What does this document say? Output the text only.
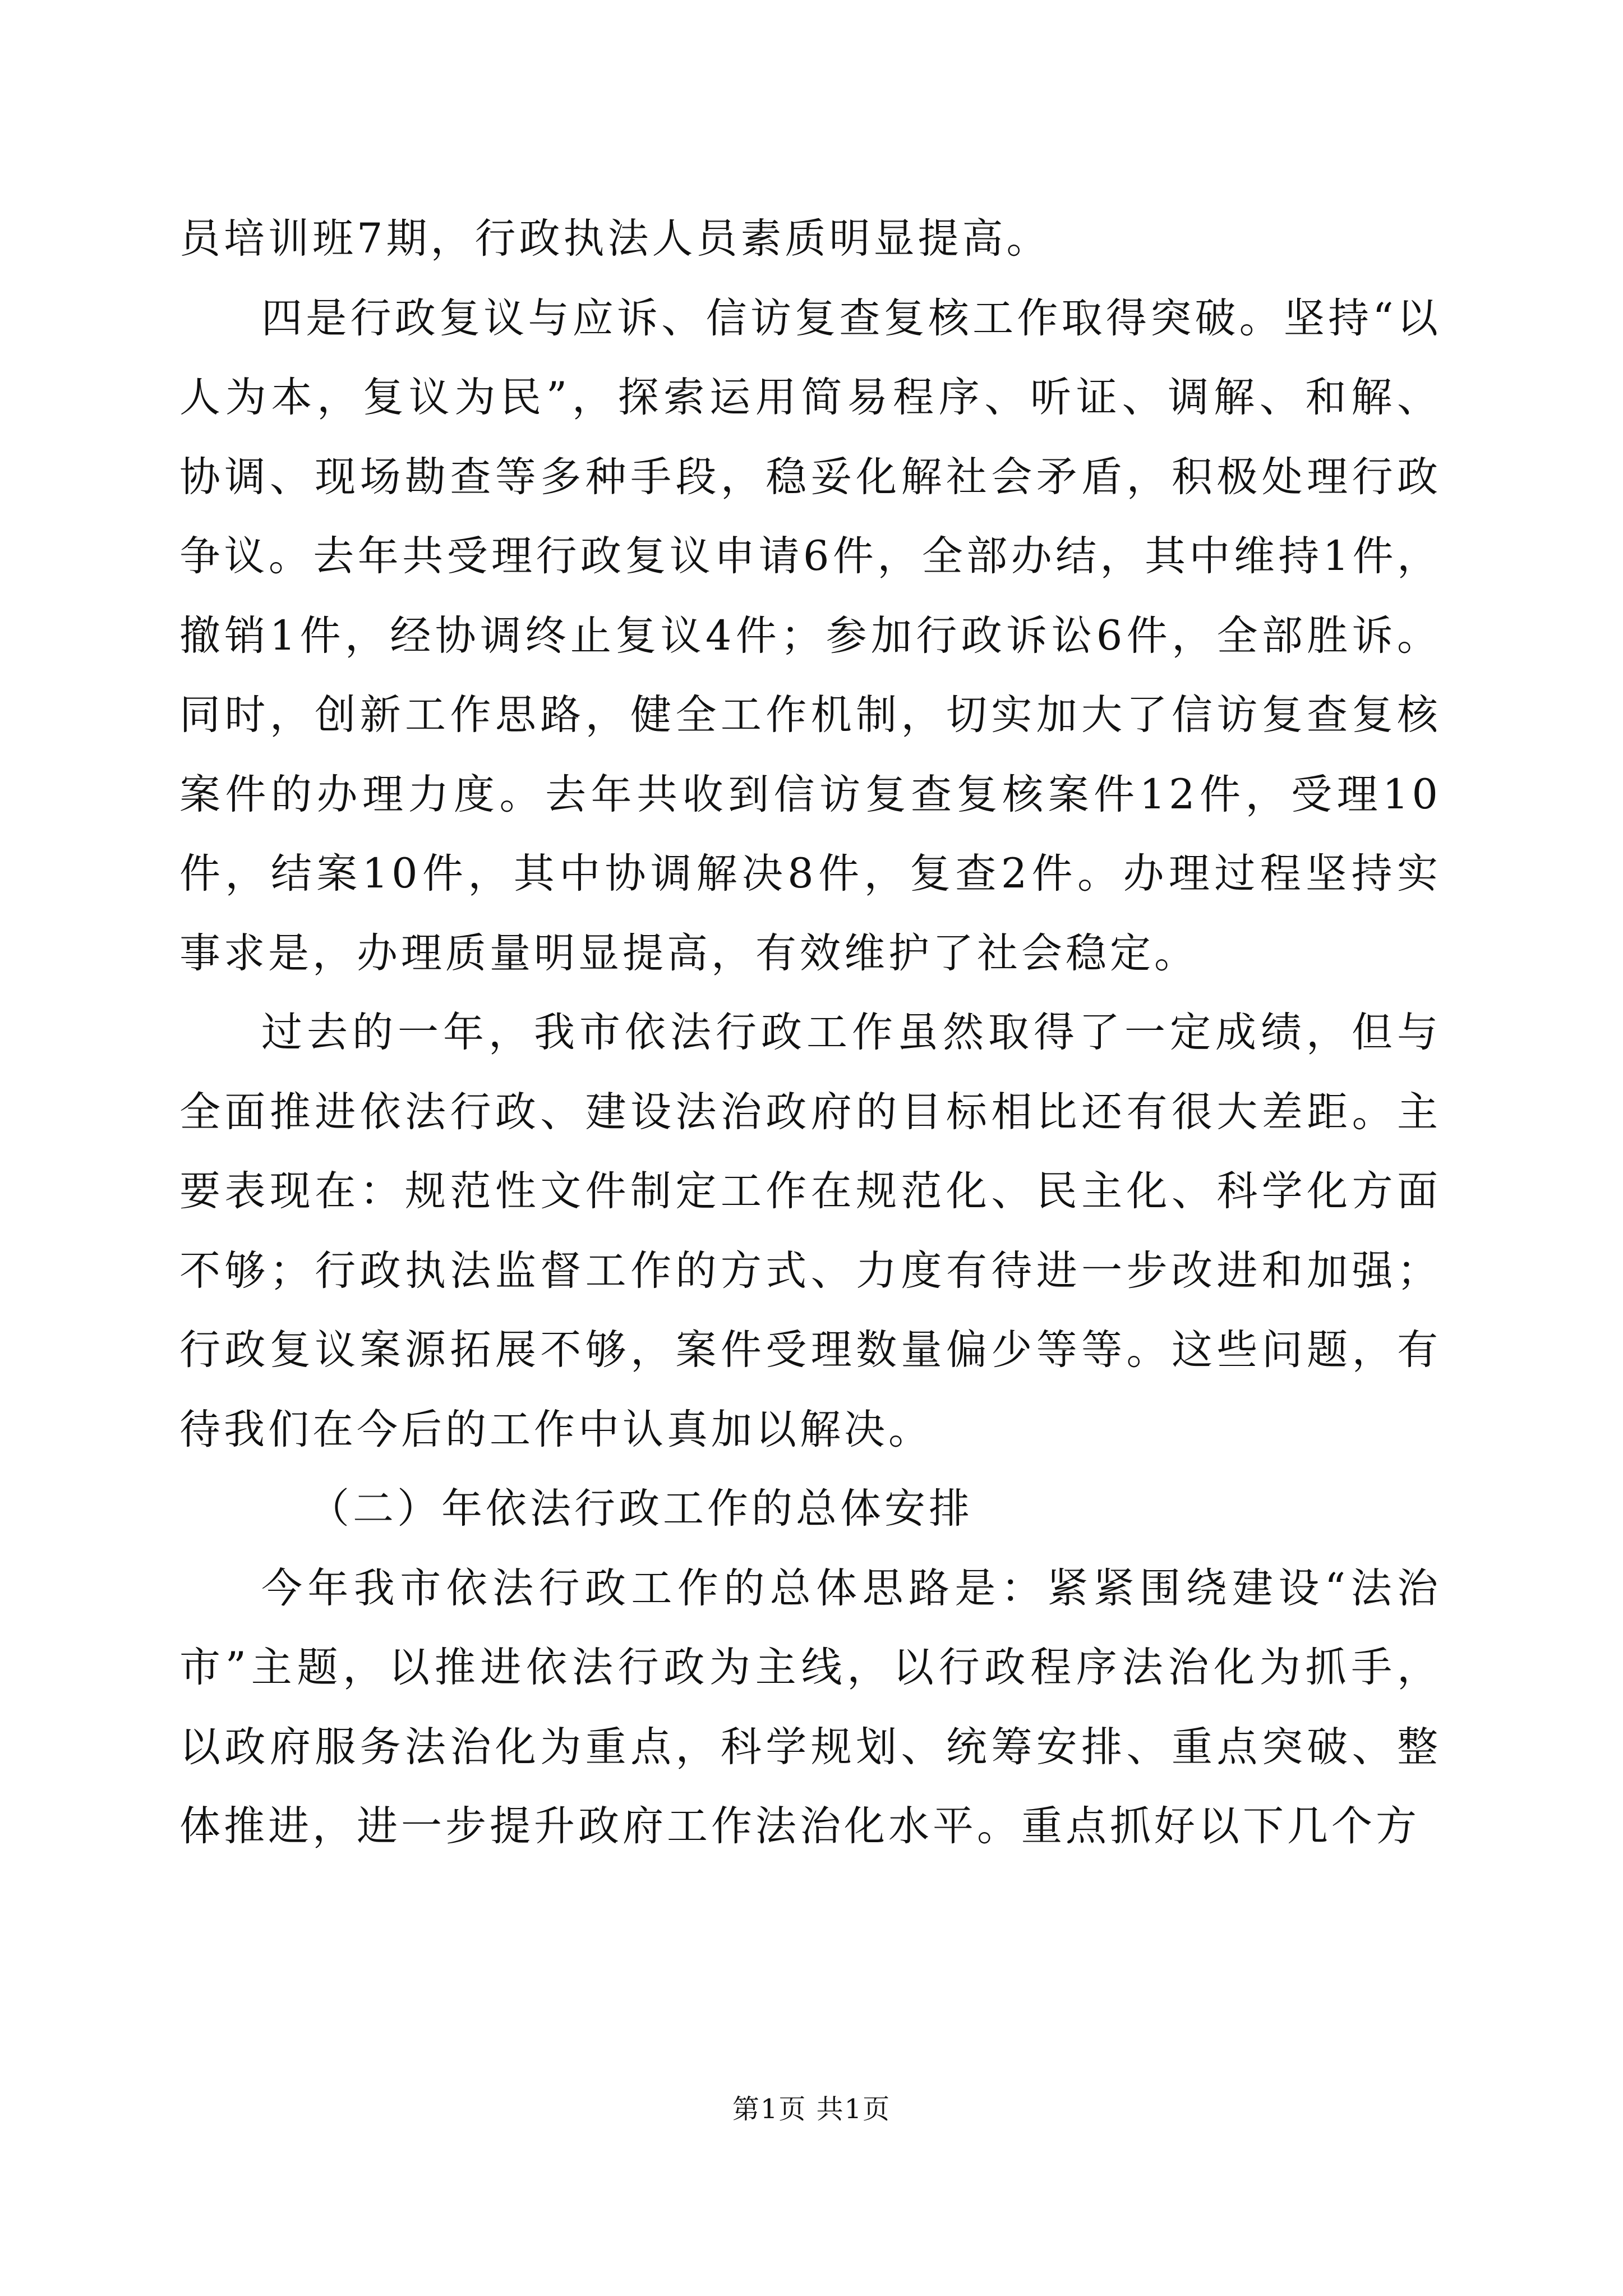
员培训班7期，行政执法人员素质明显提高。

四是行政复议与应诉、信访复查复核工作取得突破。坚持“以人为本，复议为民”，探索运用简易程序、听证、调解、和解、协调、现场勘查等多种手段，稳妥化解社会矛盾，积极处理行政争议。去年共受理行政复议申请6件，全部办结，其中维持1件，撤销1件，经协调终止复议4件；参加行政诉讼6件，全部胜诉。同时，创新工作思路，健全工作机制，切实加大了信访复查复核案件的办理力度。去年共收到信访复查复核案件12件，受理10件，结案10件，其中协调解决8件，复查2件。办理过程坚持实事求是，办理质量明显提高，有效维护了社会稳定。

过去的一年，我市依法行政工作虽然取得了一定成绩，但与全面推进依法行政、建设法治政府的目标相比还有很大差距。主要表现在：规范性文件制定工作在规范化、民主化、科学化方面不够；行政执法监督工作的方式、力度有待进一步改进和加强；行政复议案源拓展不够，案件受理数量偏少等等。这些问题，有待我们在今后的工作中认真加以解决。

（二）年依法行政工作的总体安排

今年我市依法行政工作的总体思路是：紧紧围绕建设“法治市”主题，以推进依法行政为主线，以行政程序法治化为抓手，以政府服务法治化为重点，科学规划、统筹安排、重点突破、整体推进，进一步提升政府工作法治化水平。重点抓好以下几个方

第1页 共1页
